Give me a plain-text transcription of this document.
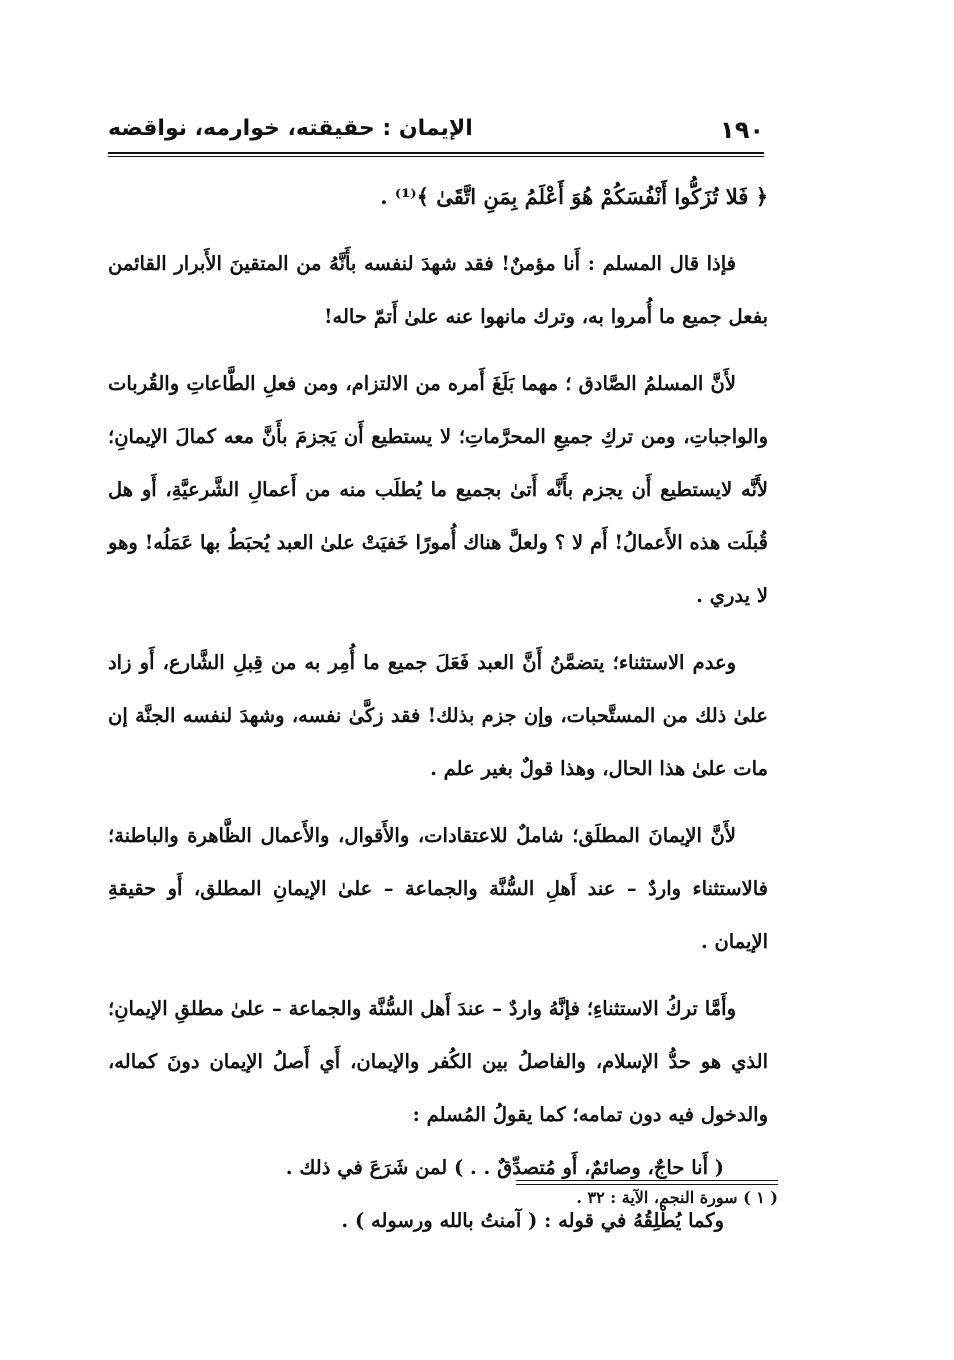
١٩٠
الإيمان : حقيقته، خوارمه، نواقضه

﴿ فَلا تُزَكُّوا أَنْفُسَكُمْ هُوَ أَعْلَمُ بِمَنِ اتَّقَىٰ ﴾⁽¹⁾ .

فإذا قال المسلم : أَنا مؤمنٌ! فقد شهدَ لنفسه بأَنَّهُ من المتقينَ الأَبرار القائمن بفعل جميع ما أُمروا به، وترك مانهوا عنه علىٰ أَتمّ حاله!

لأَنَّ المسلمُ الصَّادق ؛ مهما بَلَغَ أَمره من الالتزام، ومن فعلِ الطَّاعاتِ والقُربات والواجباتِ، ومن تركِ جميعِ المحرَّماتِ؛ لا يستطيع أَن يَجزمَ بأَنَّ معه كمالَ الإيمانِ؛ لأَنَّه لايستطيع أَن يجزم بأَنَّه أَتىٰ بجميع ما يُطلَب منه من أَعمالِ الشَّرعيَّةِ، أَو هل قُبلَت هذه الأَعمالُ! أَم لا ؟ ولعلَّ هناك أُمورًا خَفيَتْ علىٰ العبد يُحبَطُ بها عَمَلُه! وهو لا يدري .

وعدم الاستثناء؛ يتضمَّنُ أَنَّ العبد فَعَلَ جميع ما أُمِر به من قِبلِ الشَّارع، أَو زاد علىٰ ذلك من المستَّحبات، وإن جزم بذلك! فقد زكَّىٰ نفسه، وشهدَ لنفسه الجنَّة إن مات علىٰ هذا الحال، وهذا قولٌ بغير علم .

لأَنَّ الإيمانَ المطلَق؛ شاملٌ للاعتقادات، والأَقوال، والأَعمال الظَّاهرة والباطنة؛ فالاستثناء واردٌ – عند أَهلِ السُّنَّة والجماعة – علىٰ الإيمانِ المطلق، أَو حقيقةِ الإيمان .

وأَمَّا تركُ الاستثناءِ؛ فإنَّهُ واردٌ – عندَ أَهل السُّنَّة والجماعة – علىٰ مطلقِ الإيمانِ؛ الذي هو حدُّ الإسلام، والفاصلُ بين الكُفر والإيمان، أَي أَصلُ الإيمان دونَ كماله، والدخول فيه دون تمامه؛ كما يقولُ المُسلم :

( أَنا حاجٌ، وصائمٌ، أَو مُتصدِّقٌ . . ) لمن شَرَعَ في ذلك .

وكما يُطْلِقُهُ في قوله : ( آمنتُ بالله ورسوله ) .

( ١ ) سورة النجم، الآية : ٣٢ .
